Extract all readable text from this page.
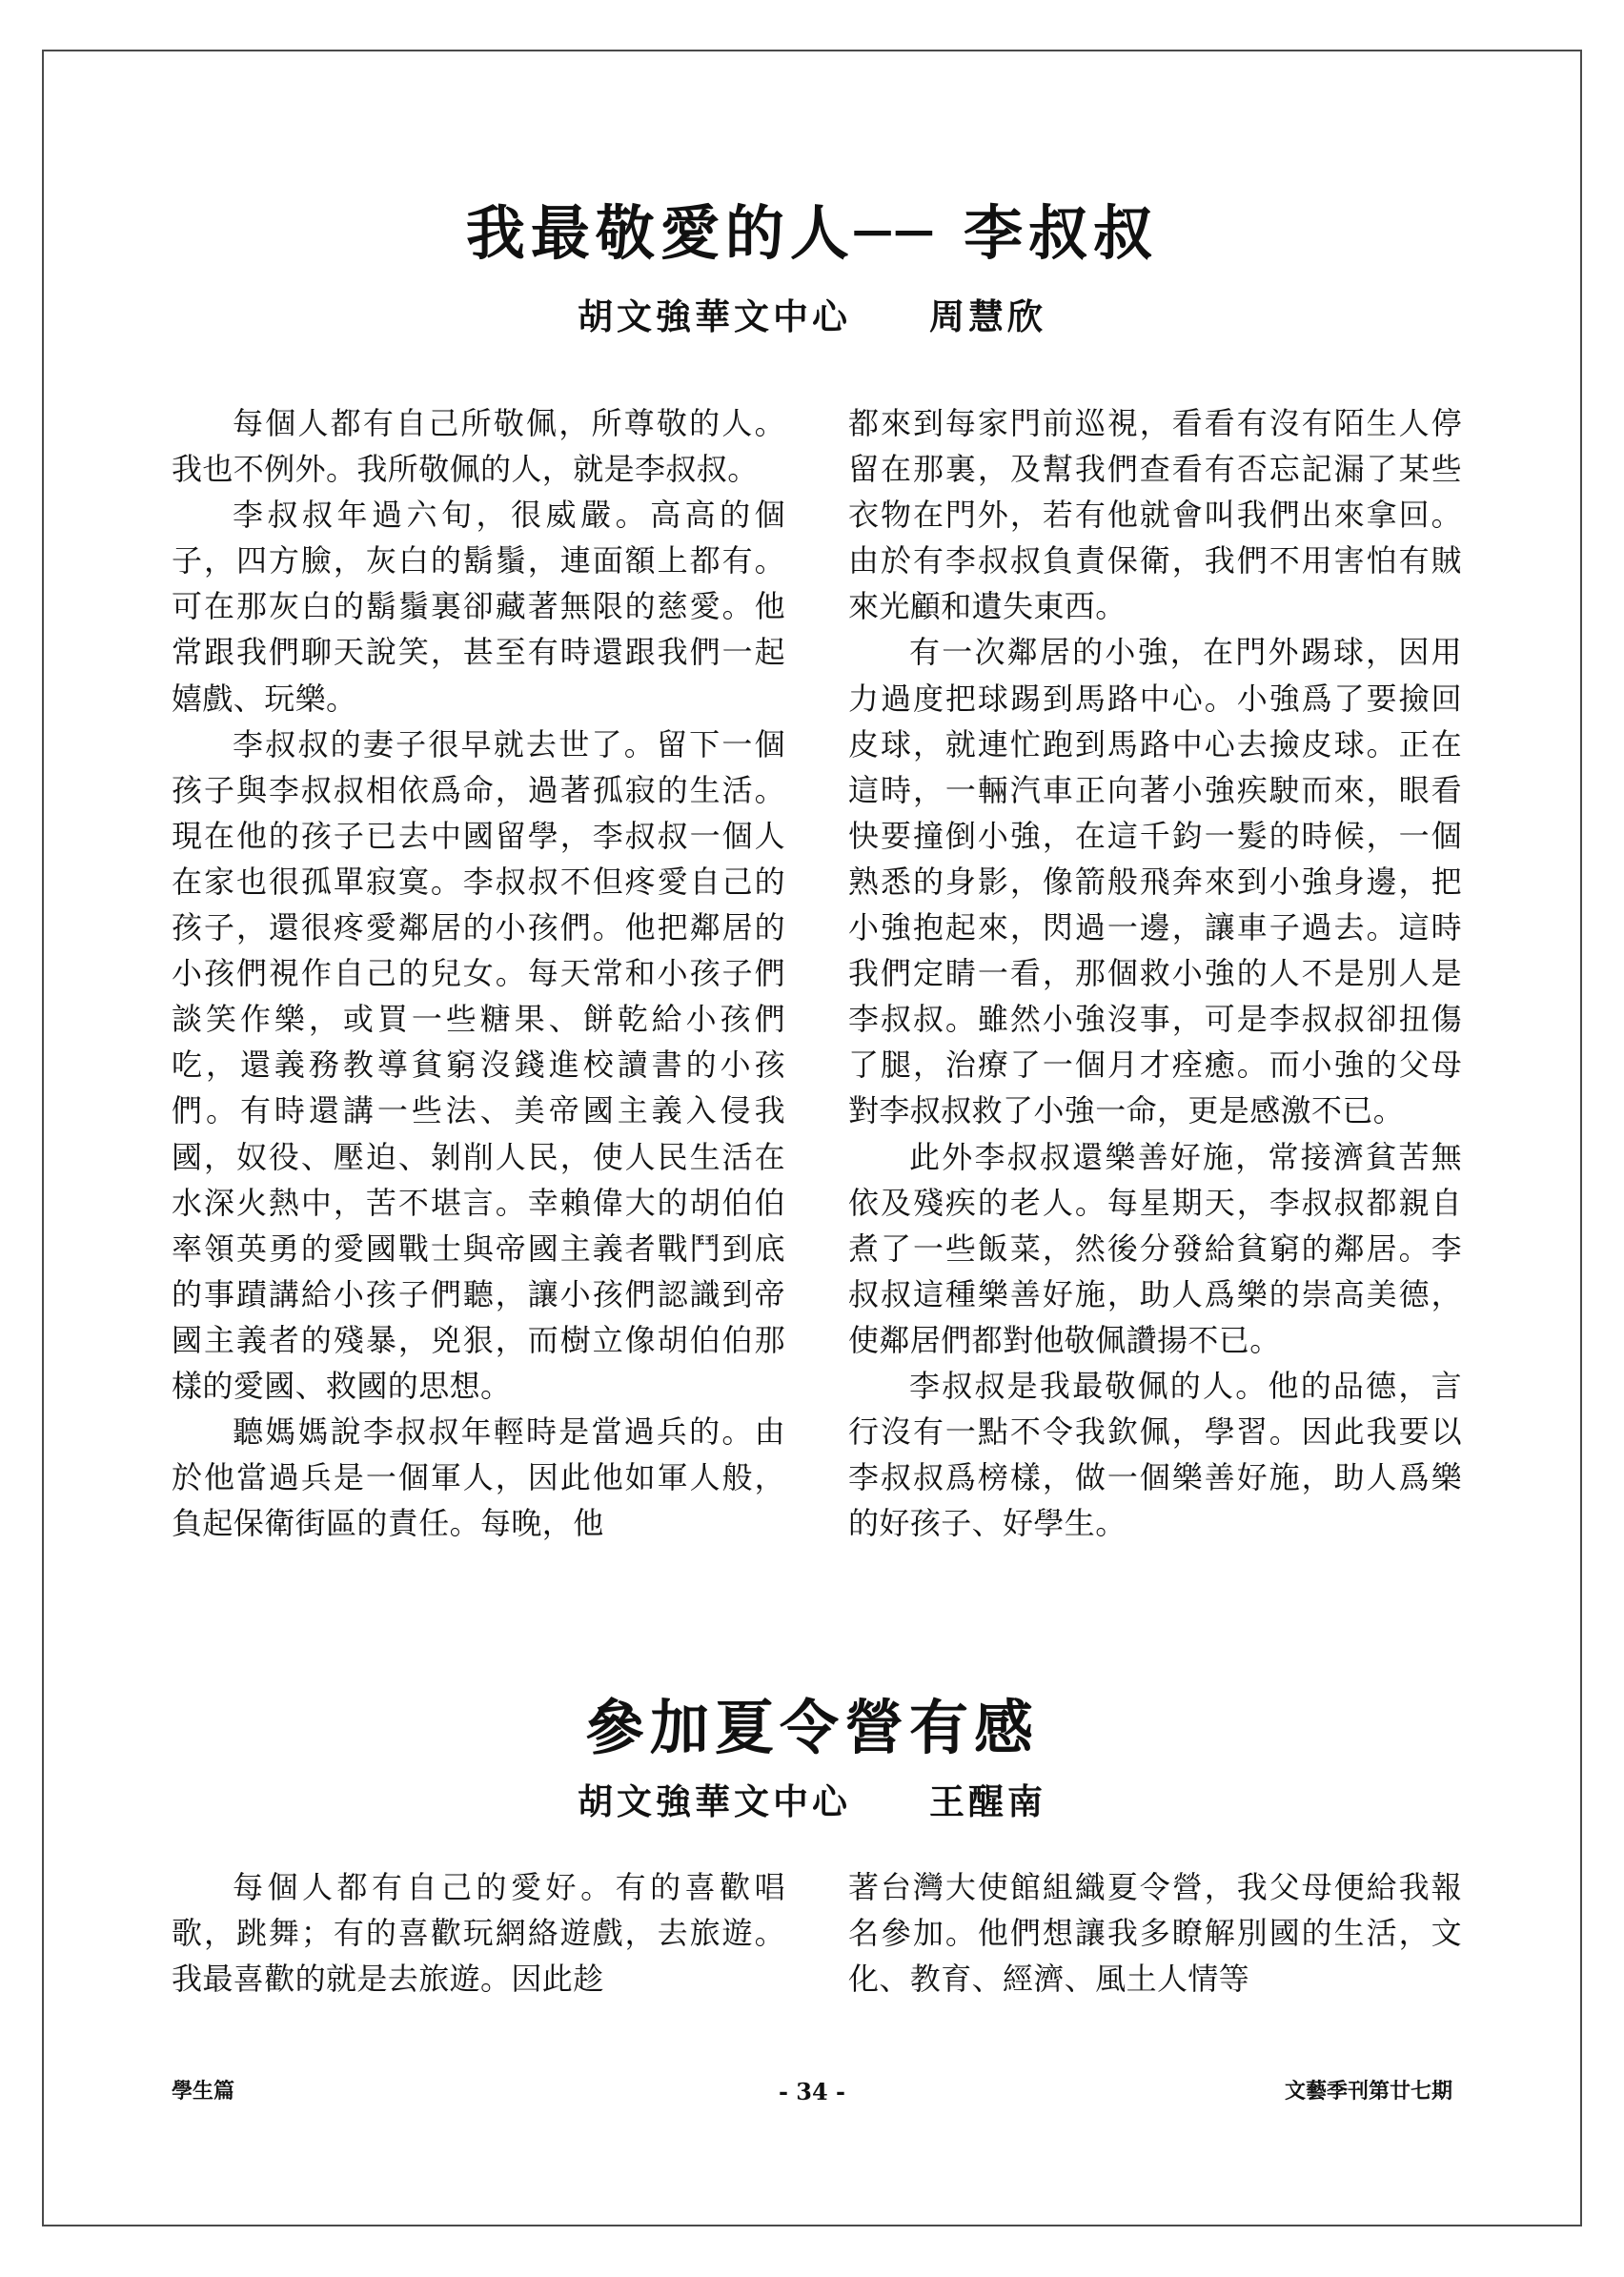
我最敬愛的人── 李叔叔
胡文強華文中心　　周慧欣

每個人都有自己所敬佩，所尊敬的人。我也不例外。我所敬佩的人，就是李叔叔。

李叔叔年過六旬，很威嚴。高高的個子，四方臉，灰白的鬍鬚，連面額上都有。可在那灰白的鬍鬚裏卻藏著無限的慈愛。他常跟我們聊天說笑，甚至有時還跟我們一起嬉戲、玩樂。

李叔叔的妻子很早就去世了。留下一個孩子與李叔叔相依爲命，過著孤寂的生活。現在他的孩子已去中國留學，李叔叔一個人在家也很孤單寂寞。李叔叔不但疼愛自己的孩子，還很疼愛鄰居的小孩們。他把鄰居的小孩們視作自己的兒女。每天常和小孩子們談笑作樂，或買一些糖果、餅乾給小孩們吃，還義務教導貧窮沒錢進校讀書的小孩們。有時還講一些法、美帝國主義入侵我國，奴役、壓迫、剝削人民，使人民生活在水深火熱中，苦不堪言。幸賴偉大的胡伯伯率領英勇的愛國戰士與帝國主義者戰鬥到底的事蹟講給小孩子們聽，讓小孩們認識到帝國主義者的殘暴，兇狠，而樹立像胡伯伯那樣的愛國、救國的思想。

聽媽媽說李叔叔年輕時是當過兵的。由於他當過兵是一個軍人，因此他如軍人般，負起保衛街區的責任。每晚，他

都來到每家門前巡視，看看有沒有陌生人停留在那裏，及幫我們查看有否忘記漏了某些衣物在門外，若有他就會叫我們出來拿回。由於有李叔叔負責保衛，我們不用害怕有賊來光顧和遺失東西。

有一次鄰居的小強，在門外踢球，因用力過度把球踢到馬路中心。小強爲了要撿回皮球，就連忙跑到馬路中心去撿皮球。正在這時，一輛汽車正向著小強疾駛而來，眼看快要撞倒小強，在這千鈞一髮的時候，一個熟悉的身影，像箭般飛奔來到小強身邊，把小強抱起來，閃過一邊，讓車子過去。這時我們定睛一看，那個救小強的人不是別人是李叔叔。雖然小強沒事，可是李叔叔卻扭傷了腿，治療了一個月才痊癒。而小強的父母對李叔叔救了小強一命，更是感激不已。

此外李叔叔還樂善好施，常接濟貧苦無依及殘疾的老人。每星期天，李叔叔都親自煮了一些飯菜，然後分發給貧窮的鄰居。李叔叔這種樂善好施，助人爲樂的崇高美德，使鄰居們都對他敬佩讚揚不已。

李叔叔是我最敬佩的人。他的品德，言行沒有一點不令我欽佩，學習。因此我要以李叔叔爲榜樣，做一個樂善好施，助人爲樂的好孩子、好學生。

參加夏令營有感
胡文強華文中心　　王醒南

每個人都有自己的愛好。有的喜歡唱歌，跳舞；有的喜歡玩網絡遊戲，去旅遊。我最喜歡的就是去旅遊。因此趁

著台灣大使館組織夏令營，我父母便給我報名參加。他們想讓我多瞭解別國的生活，文化、教育、經濟、風土人情等

學生篇	- 34 -	文藝季刊第廿七期
